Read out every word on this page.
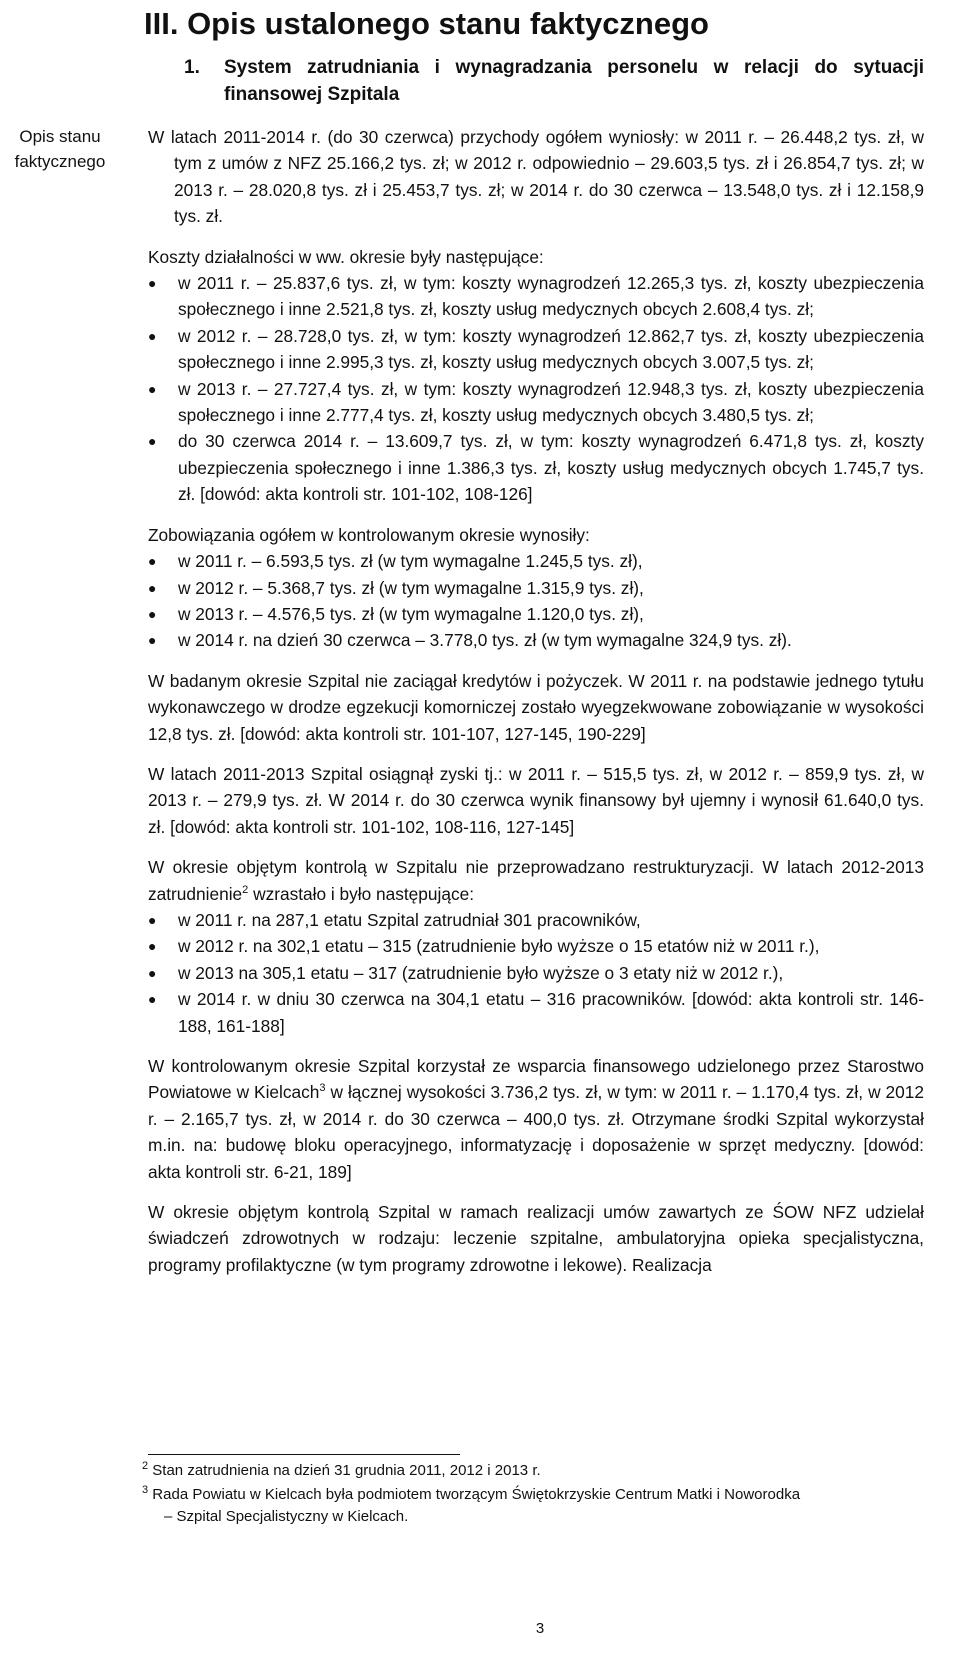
III. Opis ustalonego stanu faktycznego
1.	System zatrudniania i wynagradzania personelu w relacji do sytuacji finansowej Szpitala
Opis stanu faktycznego

W latach 2011-2014 r. (do 30 czerwca) przychody ogółem wyniosły: w 2011 r. – 26.448,2 tys. zł, w tym z umów z NFZ 25.166,2 tys. zł; w 2012 r. odpowiednio – 29.603,5 tys. zł i 26.854,7 tys. zł; w 2013 r. – 28.020,8 tys. zł i 25.453,7 tys. zł; w 2014 r. do 30 czerwca – 13.548,0 tys. zł i 12.158,9 tys. zł.

Koszty działalności w ww. okresie były następujące:

● w 2011 r. – 25.837,6 tys. zł, w tym: koszty wynagrodzeń 12.265,3 tys. zł, koszty ubezpieczenia społecznego i inne 2.521,8 tys. zł, koszty usług medycznych obcych 2.608,4 tys. zł;
● w 2012 r. – 28.728,0 tys. zł, w tym: koszty wynagrodzeń 12.862,7 tys. zł, koszty ubezpieczenia społecznego i inne 2.995,3 tys. zł, koszty usług medycznych obcych 3.007,5 tys. zł;
● w 2013 r. – 27.727,4 tys. zł, w tym: koszty wynagrodzeń 12.948,3 tys. zł, koszty ubezpieczenia społecznego i inne 2.777,4 tys. zł, koszty usług medycznych obcych 3.480,5 tys. zł;
● do 30 czerwca 2014 r. – 13.609,7 tys. zł, w tym: koszty wynagrodzeń 6.471,8 tys. zł, koszty ubezpieczenia społecznego i inne 1.386,3 tys. zł, koszty usług medycznych obcych 1.745,7 tys. zł. [dowód: akta kontroli str. 101-102, 108-126]

Zobowiązania ogółem w kontrolowanym okresie wynosiły:

● w 2011 r. – 6.593,5 tys. zł (w tym wymagalne 1.245,5 tys. zł),
● w 2012 r. – 5.368,7 tys. zł (w tym wymagalne 1.315,9 tys. zł),
● w 2013 r. – 4.576,5 tys. zł (w tym wymagalne 1.120,0 tys. zł),
● w 2014 r. na dzień 30 czerwca – 3.778,0 tys. zł (w tym wymagalne 324,9 tys. zł).

W badanym okresie Szpital nie zaciągał kredytów i pożyczek. W 2011 r. na podstawie jednego tytułu wykonawczego w drodze egzekucji komorniczej zostało wyegzekwowane zobowiązanie w wysokości 12,8 tys. zł. [dowód: akta kontroli str. 101-107, 127-145, 190-229]

W latach 2011-2013 Szpital osiągnął zyski tj.: w 2011 r. – 515,5 tys. zł, w 2012 r. – 859,9 tys. zł, w 2013 r. – 279,9 tys. zł. W 2014 r. do 30 czerwca wynik finansowy był ujemny i wynosił 61.640,0 tys. zł. [dowód: akta kontroli str. 101-102, 108-116, 127-145]

W okresie objętym kontrolą w Szpitalu nie przeprowadzano restrukturyzacji. W latach 2012-2013 zatrudnienie$^2$ wzrastało i było następujące:

● w 2011 r. na 287,1 etatu Szpital zatrudniał 301 pracowników,
● w 2012 r. na 302,1 etatu – 315 (zatrudnienie było wyższe o 15 etatów niż w 2011 r.),
● w 2013 na 305,1 etatu – 317 (zatrudnienie było wyższe o 3 etaty niż w 2012 r.),
● w 2014 r. w dniu 30 czerwca na 304,1 etatu – 316 pracowników. [dowód: akta kontroli str. 146-188, 161-188]

W kontrolowanym okresie Szpital korzystał ze wsparcia finansowego udzielonego przez Starostwo Powiatowe w Kielcach$^3$ w łącznej wysokości 3.736,2 tys. zł, w tym: w 2011 r. – 1.170,4 tys. zł, w 2012 r. – 2.165,7 tys. zł, w 2014 r. do 30 czerwca – 400,0 tys. zł. Otrzymane środki Szpital wykorzystał m.in. na: budowę bloku operacyjnego, informatyzację i doposażenie w sprzęt medyczny. [dowód: akta kontroli str. 6-21, 189]

W okresie objętym kontrolą Szpital w ramach realizacji umów zawartych ze ŚOW NFZ udzielał świadczeń zdrowotnych w rodzaju: leczenie szpitalne, ambulatoryjna opieka specjalistyczna, programy profilaktyczne (w tym programy zdrowotne i lekowe). Realizacja

$^2$ Stan zatrudnienia na dzień 31 grudnia 2011, 2012 i 2013 r.
$^3$ Rada Powiatu w Kielcach była podmiotem tworzącym Świętokrzyskie Centrum Matki i Noworodka
– Szpital Specjalistyczny w Kielcach.
3
